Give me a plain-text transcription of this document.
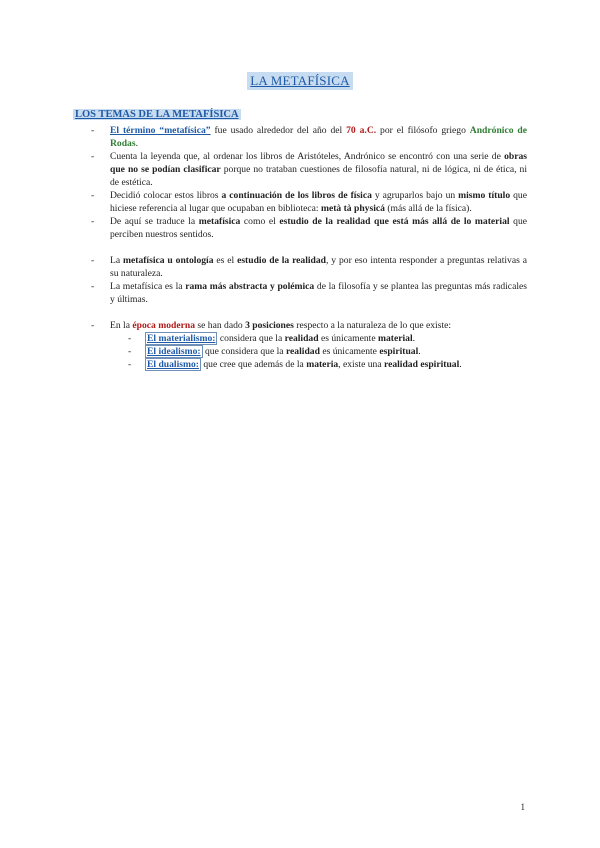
LA METAFÍSICA
LOS TEMAS DE LA METAFÍSICA
- El término “metafísica” fue usado alrededor del año del 70 a.C. por el filósofo griego Andrónico de Rodas.
- Cuenta la leyenda que, al ordenar los libros de Aristóteles, Andrónico se encontró con una serie de obras que no se podían clasificar porque no trataban cuestiones de filosofía natural, ni de lógica, ni de ética, ni de estética.
- Decidió colocar estos libros a continuación de los libros de física y agruparlos bajo un mismo título que hiciese referencia al lugar que ocupaban en biblioteca: metà tà physicá (más allá de la física).
- De aquí se traduce la metafísica como el estudio de la realidad que está más allá de lo material que perciben nuestros sentidos.
- La metafísica u ontología es el estudio de la realidad, y por eso intenta responder a preguntas relativas a su naturaleza.
- La metafísica es la rama más abstracta y polémica de la filosofía y se plantea las preguntas más radicales y últimas.
- En la época moderna se han dado 3 posiciones respecto a la naturaleza de lo que existe:
- El materialismo: considera que la realidad es únicamente material.
- El idealismo: que considera que la realidad es únicamente espiritual.
- El dualismo: que cree que además de la materia, existe una realidad espiritual.
1
